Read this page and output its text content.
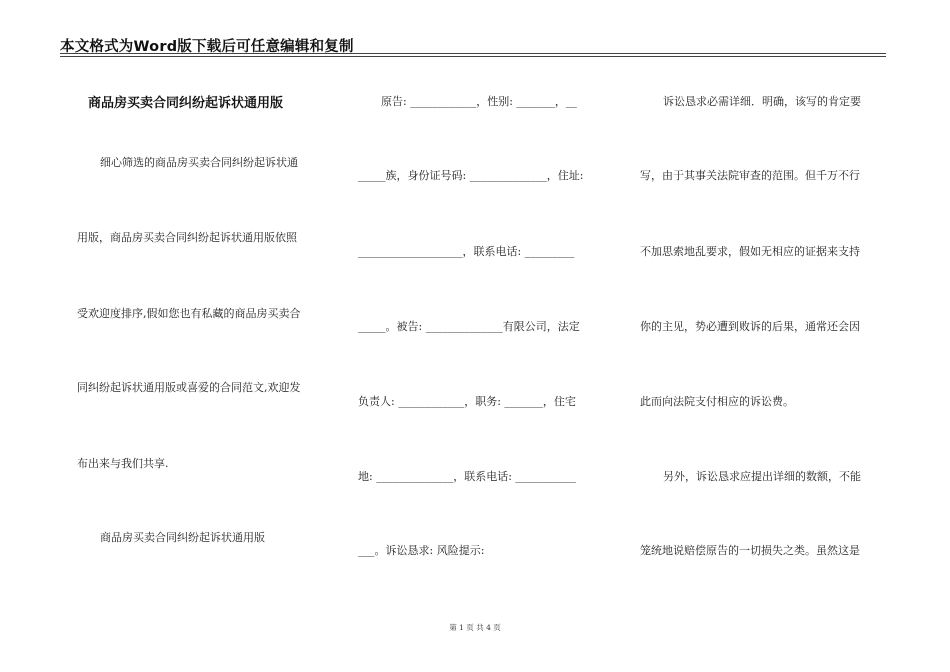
本文格式为Word版下载后可任意编辑和复制
商品房买卖合同纠纷起诉状通用版
细心筛选的商品房买卖合同纠纷起诉状通
用版，商品房买卖合同纠纷起诉状通用版依照
受欢迎度排序,假如您也有私藏的商品房买卖合
同纠纷起诉状通用版或喜爱的合同范文,欢迎发
布出来与我们共享.
商品房买卖合同纠纷起诉状通用版
原告: ____________，性别: _______，__
_____族，身份证号码: ______________，住址:
___________________，联系电话: _________
_____。被告: ______________有限公司，法定
负责人: ____________，职务: _______，住宅
地: ______________，联系电话: ___________
___。诉讼恳求: 风险提示:
诉讼恳求必需详细．明确，该写的肯定要
写，由于其事关法院审查的范围。但千万不行
不加思索地乱要求，假如无相应的证据来支持
你的主见，势必遭到败诉的后果，通常还会因
此而向法院支付相应的诉讼费。
另外，诉讼恳求应提出详细的数额，不能
笼统地说赔偿原告的一切损失之类。虽然这是
第 1 页 共 4 页
